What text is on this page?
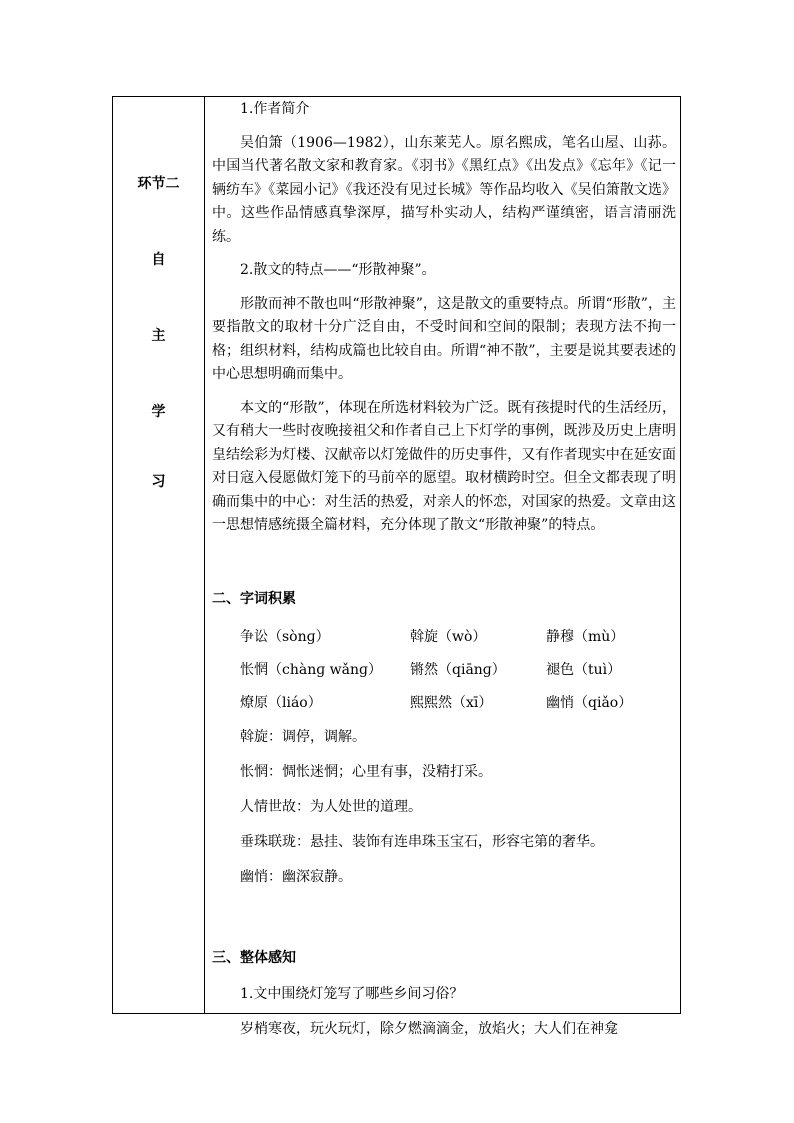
环节二
自
主
学
习
1.作者简介

吴伯箫（1906—1982），山东莱芜人。原名熙成，笔名山屋、山荪。中国当代著名散文家和教育家。《羽书》《黑红点》《出发点》《忘年》《记一辆纺车》《菜园小记》《我还没有见过长城》等作品均收入《吴伯箫散文选》中。这些作品情感真挚深厚，描写朴实动人，结构严谨缜密，语言清丽洗练。

2.散文的特点——“形散神聚”。

形散而神不散也叫“形散神聚”，这是散文的重要特点。所谓“形散”，主要指散文的取材十分广泛自由，不受时间和空间的限制；表现方法不拘一格；组织材料，结构成篇也比较自由。所谓“神不散”，主要是说其要表述的中心思想明确而集中。

本文的“形散”，体现在所选材料较为广泛。既有孩提时代的生活经历，又有稍大一些时夜晚接祖父和作者自己上下灯学的事例，既涉及历史上唐明皇结绘彩为灯楼、汉献帝以灯笼做件的历史事件，又有作者现实中在延安面对日寇入侵愿做灯笼下的马前卒的愿望。取材横跨时空。但全文都表现了明确而集中的中心：对生活的热爱，对亲人的怀恋，对国家的热爱。文章由这一思想情感统摄全篇材料，充分体现了散文“形散神聚”的特点。

二、字词积累
争讼（sònɡ）	斡旋（wò）	静穆（mù）
怅惘（chànɡ wǎnɡ） 锵然（qiānɡ）	褪色（tuì）
燎原（liáo）	熙熙然（xī）	幽悄（qiǎo）
斡旋：调停，调解。
怅惘：惆怅迷惘；心里有事，没精打采。
人情世故：为人处世的道理。
垂珠联珑：悬挂、装饰有连串珠玉宝石，形容宅第的奢华。
幽悄：幽深寂静。
三、整体感知
1.文中围绕灯笼写了哪些乡间习俗？
岁梢寒夜，玩火玩灯，除夕燃滴滴金，放焰火；大人们在神龛
